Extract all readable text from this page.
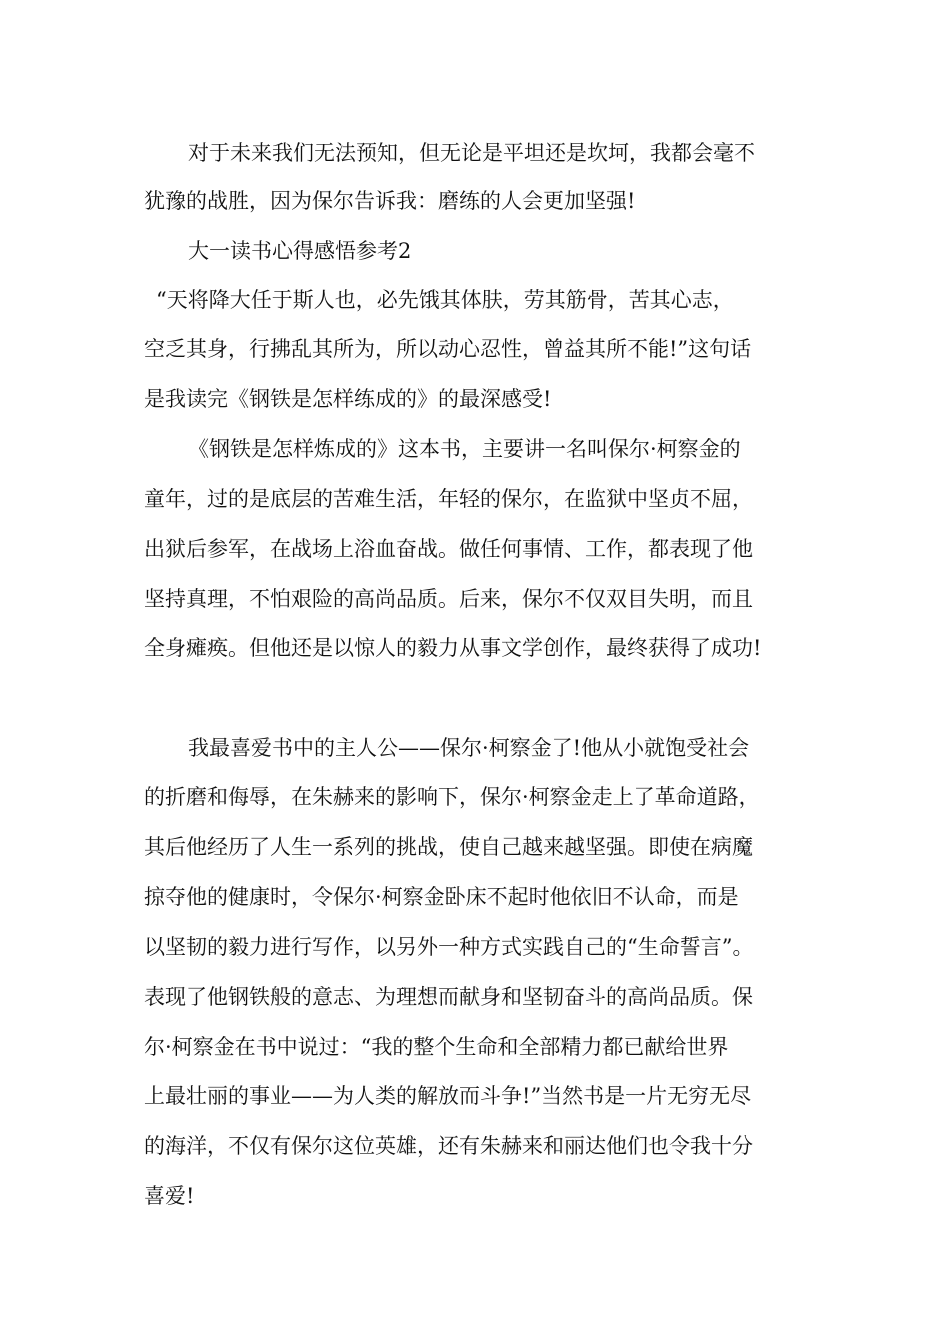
对于未来我们无法预知，但无论是平坦还是坎坷，我都会毫不

犹豫的战胜，因为保尔告诉我：磨练的人会更加坚强!

大一读书心得感悟参考2

“天将降大任于斯人也，必先饿其体肤，劳其筋骨，苦其心志，

空乏其身，行拂乱其所为，所以动心忍性，曾益其所不能!”这句话

是我读完《钢铁是怎样练成的》的最深感受!

《钢铁是怎样炼成的》这本书，主要讲一名叫保尔·柯察金的

童年，过的是底层的苦难生活，年轻的保尔，在监狱中坚贞不屈，

出狱后参军，在战场上浴血奋战。做任何事情、工作，都表现了他

坚持真理，不怕艰险的高尚品质。后来，保尔不仅双目失明，而且

全身瘫痪。但他还是以惊人的毅力从事文学创作，最终获得了成功!

我最喜爱书中的主人公——保尔·柯察金了!他从小就饱受社会

的折磨和侮辱，在朱赫来的影响下，保尔·柯察金走上了革命道路，

其后他经历了人生一系列的挑战，使自己越来越坚强。即使在病魔

掠夺他的健康时，令保尔·柯察金卧床不起时他依旧不认命，而是

以坚韧的毅力进行写作，以另外一种方式实践自己的“生命誓言”。

表现了他钢铁般的意志、为理想而献身和坚韧奋斗的高尚品质。保

尔·柯察金在书中说过：“我的整个生命和全部精力都已献给世界

上最壮丽的事业——为人类的解放而斗争!”当然书是一片无穷无尽

的海洋，不仅有保尔这位英雄，还有朱赫来和丽达他们也令我十分

喜爱!
